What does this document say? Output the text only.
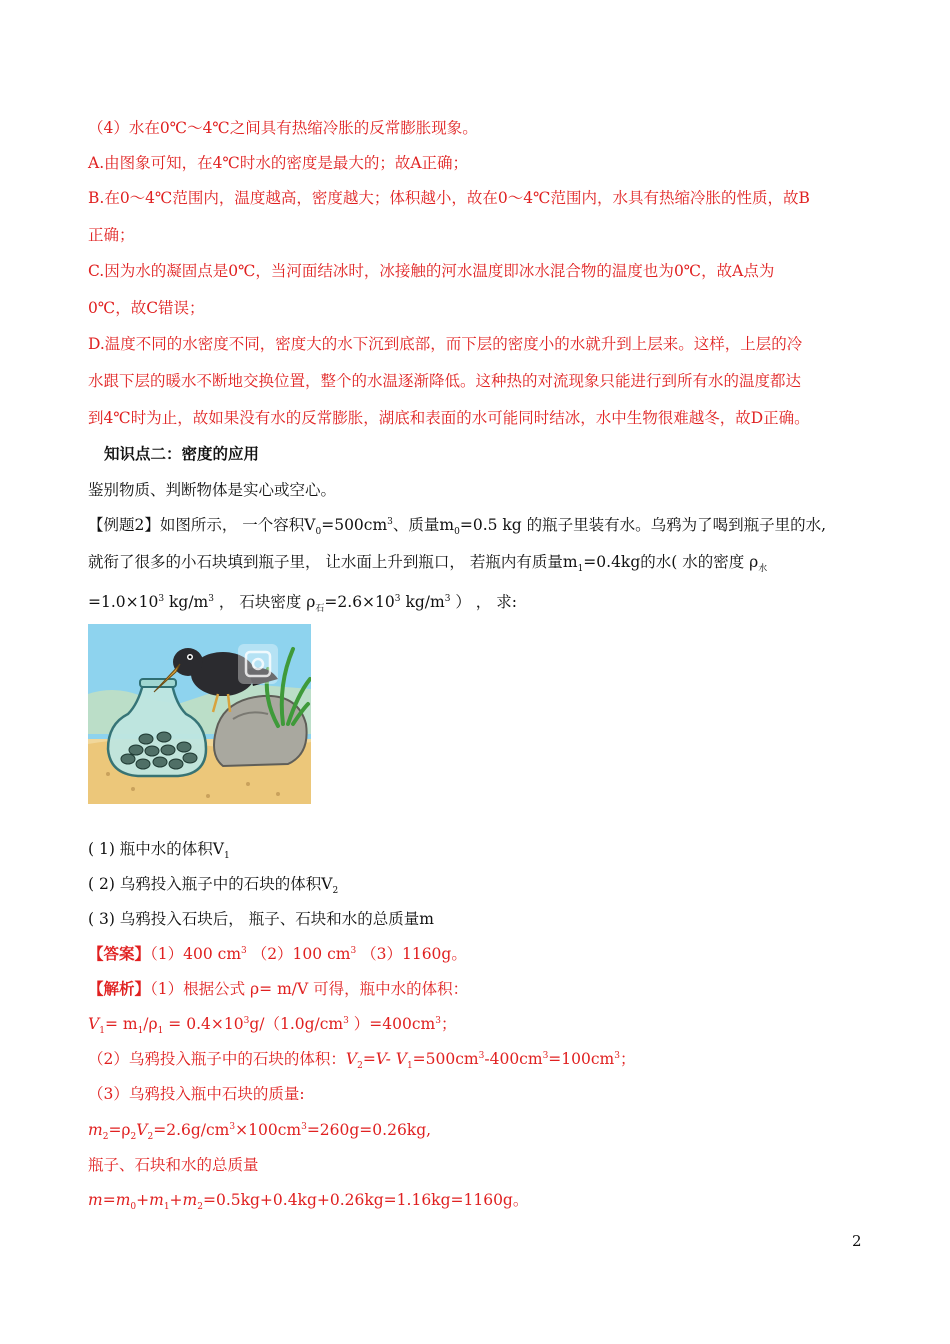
（4）水在0℃～4℃之间具有热缩冷胀的反常膨胀现象。
A.由图象可知，在4℃时水的密度是最大的；故A正确；
B.在0～4℃范围内，温度越高，密度越大；体积越小，故在0～4℃范围内，水具有热缩冷胀的性质，故B
正确；
C.因为水的凝固点是0℃，当河面结冰时，冰接触的河水温度即冰水混合物的温度也为0℃，故A点为
0℃，故C错误；
D.温度不同的水密度不同，密度大的水下沉到底部，而下层的密度小的水就升到上层来。这样，上层的冷
水跟下层的暖水不断地交换位置，整个的水温逐渐降低。这种热的对流现象只能进行到所有水的温度都达
到4℃时为止，故如果没有水的反常膨胀，湖底和表面的水可能同时结冰，水中生物很难越冬，故D正确。
知识点二：密度的应用
鉴别物质、判断物体是实心或空心。
【例题2】如图所示， 一个容积$V_0=500cm^3$、质量$m_0=0.5$ kg 的瓶子里装有水。乌鸦为了喝到瓶子里的水,
就衔了很多的小石块填到瓶子里， 让水面上升到瓶口， 若瓶内有质量$m_1=0.4kg$的水( 水的密度 $\rho_水$
$=1.0\times 10^3$ $kg/m^3$ ， 石块密度 $\rho_石=2.6\times 10^3$ $kg/m^3$ ） ， 求:
( 1) 瓶中水的体积$V_1$
( 2) 乌鸦投入瓶子中的石块的体积$V_2$
( 3) 乌鸦投入石块后， 瓶子、石块和水的总质量m
【答案】（1）400 $cm^3$ （2）100 $cm^3$ （3）1160g。
【解析】（1）根据公式 ρ= m/V 可得，瓶中水的体积：
$V_1= m_1/\rho_1 = 0.4\times 10^3g/(1.0g/cm^3$ ）$=400cm^3$；
（2）乌鸦投入瓶子中的石块的体积：$V_2=V-$ $V_1=500cm^3-400cm^3=100cm^3$；
（3）乌鸦投入瓶中石块的质量:
$m_2=\rho_2V_2=2.6g/cm^3\times 100cm^3=260g=0.26kg$,
瓶子、石块和水的总质量
$m=m_0+m_1+m_2=0.5kg+0.4kg+0.26kg=1.16kg=1160g$。
2
